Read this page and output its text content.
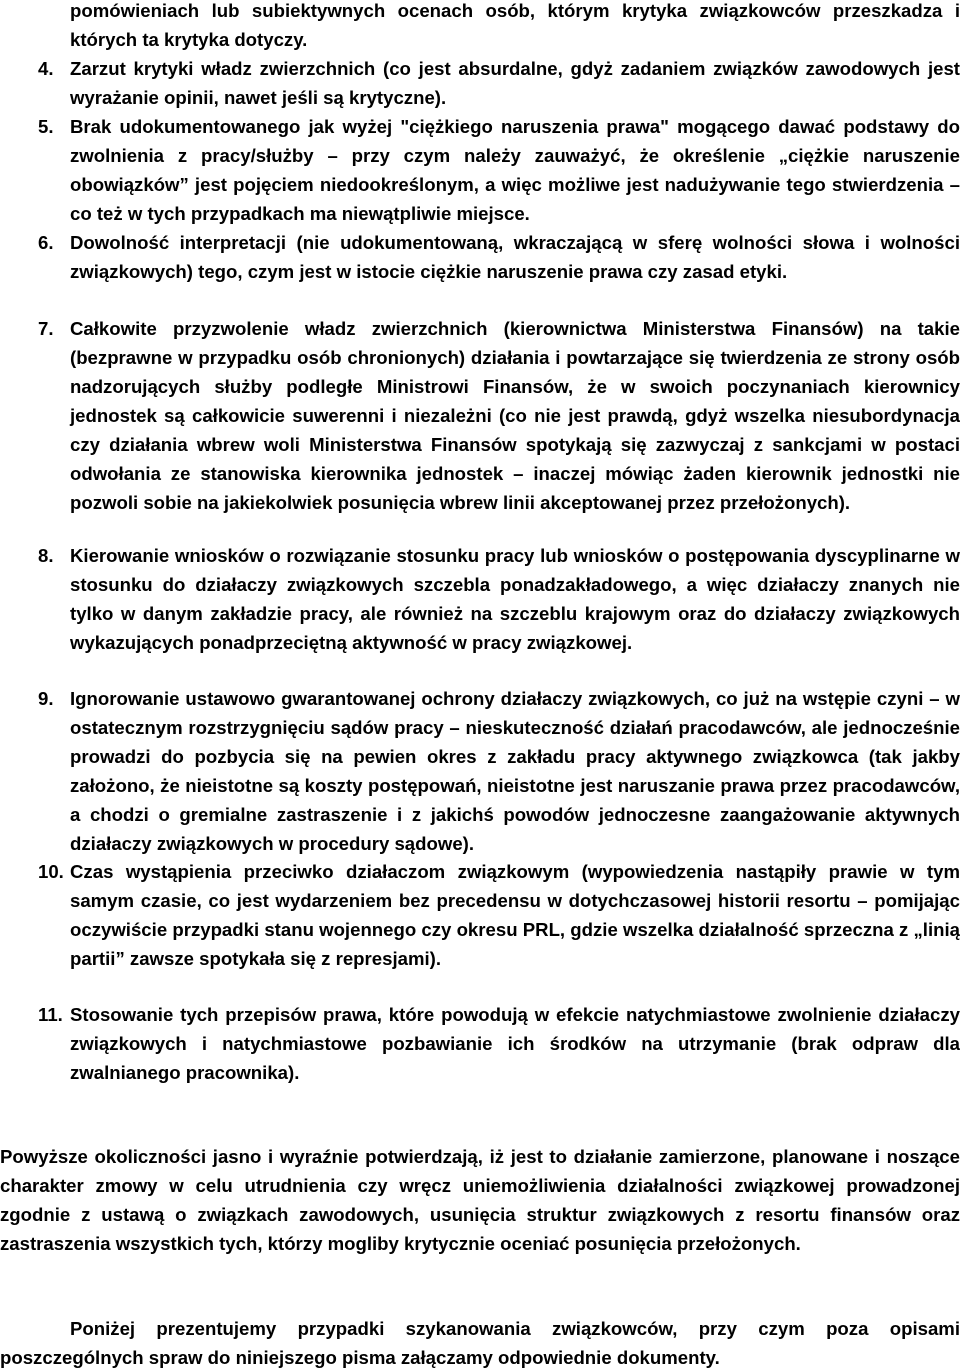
pomówieniach lub subiektywnych ocenach osób, którym krytyka związkowców przeszkadza i których ta krytyka dotyczy.
4. Zarzut krytyki władz zwierzchnich (co jest absurdalne, gdyż zadaniem związków zawodowych jest wyrażanie opinii, nawet jeśli są krytyczne).
5. Brak udokumentowanego jak wyżej "ciężkiego naruszenia prawa" mogącego dawać podstawy do zwolnienia z pracy/służby – przy czym należy zauważyć, że określenie „ciężkie naruszenie obowiązków” jest pojęciem niedookreślonym, a więc możliwe jest nadużywanie tego stwierdzenia – co też w tych przypadkach ma niewątpliwie miejsce.
6. Dowolność interpretacji (nie udokumentowaną, wkraczającą w sferę wolności słowa i wolności związkowych) tego, czym jest w istocie ciężkie naruszenie prawa czy zasad etyki.
7. Całkowite przyzwolenie władz zwierzchnich (kierownictwa Ministerstwa Finansów) na takie (bezprawne w przypadku osób chronionych) działania i powtarzające się twierdzenia ze strony osób nadzorujących służby podległe Ministrowi Finansów, że w swoich poczynaniach kierownicy jednostek są całkowicie suwerenni i niezależni (co nie jest prawdą, gdyż wszelka niesubordynacja czy działania wbrew woli Ministerstwa Finansów spotykają się zazwyczaj z sankcjami w postaci odwołania ze stanowiska kierownika jednostek – inaczej mówiąc żaden kierownik jednostki nie pozwoli sobie na jakiekolwiek posunięcia wbrew linii akceptowanej przez przełożonych).
8. Kierowanie wniosków o rozwiązanie stosunku pracy lub wniosków o postępowania dyscyplinarne w stosunku do działaczy związkowych szczebla ponadzakładowego, a więc działaczy znanych nie tylko w danym zakładzie pracy, ale również na szczeblu krajowym oraz do działaczy związkowych wykazujących ponadprzeciętną aktywność w pracy związkowej.
9. Ignorowanie ustawowo gwarantowanej ochrony działaczy związkowych, co już na wstępie czyni – w ostatecznym rozstrzygnięciu sądów pracy – nieskuteczność działań pracodawców, ale jednocześnie prowadzi do pozbycia się na pewien okres z zakładu pracy aktywnego związkowca (tak jakby założono, że nieistotne są koszty postępowań, nieistotne jest naruszanie prawa przez pracodawców, a chodzi o gremialne zastraszenie i z jakichś powodów jednoczesne zaangażowanie aktywnych działaczy związkowych w procedury sądowe).
10. Czas wystąpienia przeciwko działaczom związkowym (wypowiedzenia nastąpiły prawie w tym samym czasie, co jest wydarzeniem bez precedensu w dotychczasowej historii resortu – pomijając oczywiście przypadki stanu wojennego czy okresu PRL, gdzie wszelka działalność sprzeczna z „linią partii” zawsze spotykała się z represjami).
11. Stosowanie tych przepisów prawa, które powodują w efekcie natychmiastowe zwolnienie działaczy związkowych i natychmiastowe pozbawianie ich środków na utrzymanie (brak odpraw dla zwalnianego pracownika).
Powyższe okoliczności jasno i wyraźnie potwierdzają, iż jest to działanie zamierzone, planowane i noszące charakter zmowy w celu utrudnienia czy wręcz uniemożliwienia działalności związkowej prowadzonej zgodnie z ustawą o związkach zawodowych, usunięcia struktur związkowych z resortu finansów oraz zastraszenia wszystkich tych, którzy mogliby krytycznie oceniać posunięcia przełożonych.
Poniżej prezentujemy przypadki szykanowania związkowców, przy czym poza opisami poszczególnych spraw do niniejszego pisma załączamy odpowiednie dokumenty.
